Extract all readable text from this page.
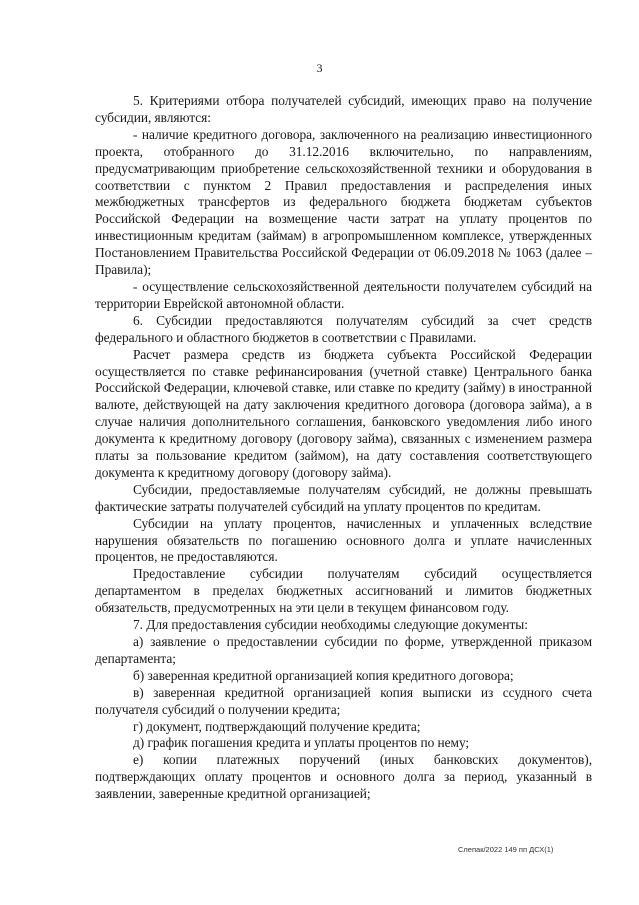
3

5. Критериями отбора получателей субсидий, имеющих право на получение субсидии, являются:

- наличие кредитного договора, заключенного на реализацию инвестиционного проекта, отобранного до 31.12.2016 включительно, по направлениям, предусматривающим приобретение сельскохозяйственной техники и оборудования в соответствии с пунктом 2 Правил предоставления и распределения иных межбюджетных трансфертов из федерального бюджета бюджетам субъектов Российской Федерации на возмещение части затрат на уплату процентов по инвестиционным кредитам (займам) в агропромышленном комплексе, утвержденных Постановлением Правительства Российской Федерации от 06.09.2018 № 1063 (далее – Правила);

- осуществление сельскохозяйственной деятельности получателем субсидий на территории Еврейской автономной области.

6. Субсидии предоставляются получателям субсидий за счет средств федерального и областного бюджетов в соответствии с Правилами.

Расчет размера средств из бюджета субъекта Российской Федерации осуществляется по ставке рефинансирования (учетной ставке) Центрального банка Российской Федерации, ключевой ставке, или ставке по кредиту (займу) в иностранной валюте, действующей на дату заключения кредитного договора (договора займа), а в случае наличия дополнительного соглашения, банковского уведомления либо иного документа к кредитному договору (договору займа), связанных с изменением размера платы за пользование кредитом (займом), на дату составления соответствующего документа к кредитному договору (договору займа).

Субсидии, предоставляемые получателям субсидий, не должны превышать фактические затраты получателей субсидий на уплату процентов по кредитам.

Субсидии на уплату процентов, начисленных и уплаченных вследствие нарушения обязательств по погашению основного долга и уплате начисленных процентов, не предоставляются.

Предоставление субсидии получателям субсидий осуществляется департаментом в пределах бюджетных ассигнований и лимитов бюджетных обязательств, предусмотренных на эти цели в текущем финансовом году.

7. Для предоставления субсидии необходимы следующие документы:

а) заявление о предоставлении субсидии по форме, утвержденной приказом департамента;

б) заверенная кредитной организацией копия кредитного договора;

в) заверенная кредитной организацией копия выписки из ссудного счета получателя субсидий о получении кредита;

г) документ, подтверждающий получение кредита;

д) график погашения кредита и уплаты процентов по нему;

е) копии платежных поручений (иных банковских документов), подтверждающих оплату процентов и основного долга за период, указанный в заявлении, заверенные кредитной организацией;

Слепак/2022 149 пп ДСХ(1)
